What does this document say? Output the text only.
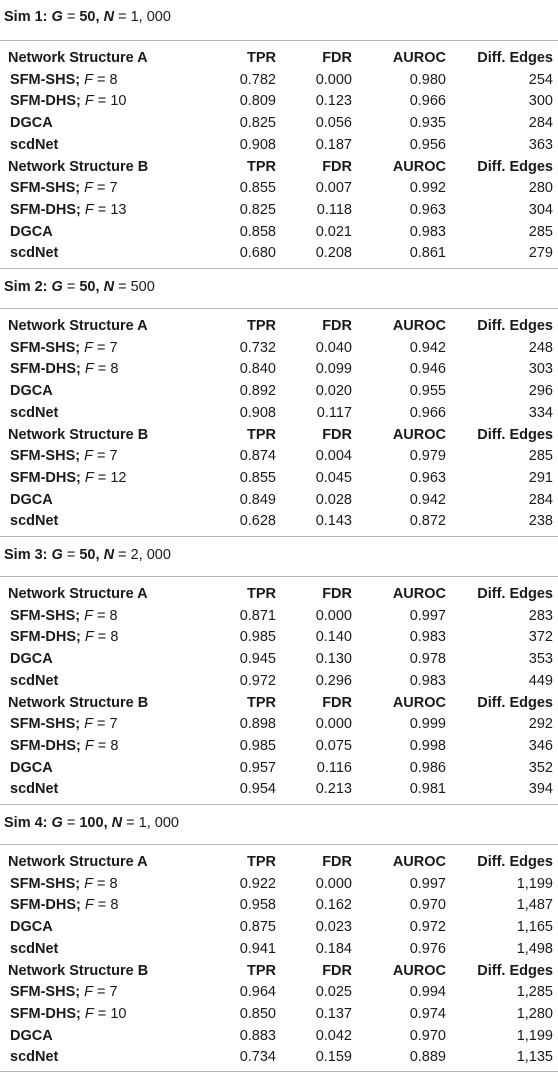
Sim 1: G = 50, N = 1, 000
Network Structure A	TPR	FDR	AUROC	Diff. Edges
SFM-SHS; F = 8	0.782	0.000	0.980	254
SFM-DHS; F = 10	0.809	0.123	0.966	300
DGCA	0.825	0.056	0.935	284
scdNet	0.908	0.187	0.956	363
Network Structure B	TPR	FDR	AUROC	Diff. Edges
SFM-SHS; F = 7	0.855	0.007	0.992	280
SFM-DHS; F = 13	0.825	0.118	0.963	304
DGCA	0.858	0.021	0.983	285
scdNet	0.680	0.208	0.861	279
Sim 2: G = 50, N = 500
Network Structure A	TPR	FDR	AUROC	Diff. Edges
SFM-SHS; F = 7	0.732	0.040	0.942	248
SFM-DHS; F = 8	0.840	0.099	0.946	303
DGCA	0.892	0.020	0.955	296
scdNet	0.908	0.117	0.966	334
Network Structure B	TPR	FDR	AUROC	Diff. Edges
SFM-SHS; F = 7	0.874	0.004	0.979	285
SFM-DHS; F = 12	0.855	0.045	0.963	291
DGCA	0.849	0.028	0.942	284
scdNet	0.628	0.143	0.872	238
Sim 3: G = 50, N = 2, 000
Network Structure A	TPR	FDR	AUROC	Diff. Edges
SFM-SHS; F = 8	0.871	0.000	0.997	283
SFM-DHS; F = 8	0.985	0.140	0.983	372
DGCA	0.945	0.130	0.978	353
scdNet	0.972	0.296	0.983	449
Network Structure B	TPR	FDR	AUROC	Diff. Edges
SFM-SHS; F = 7	0.898	0.000	0.999	292
SFM-DHS; F = 8	0.985	0.075	0.998	346
DGCA	0.957	0.116	0.986	352
scdNet	0.954	0.213	0.981	394
Sim 4: G = 100, N = 1, 000
Network Structure A	TPR	FDR	AUROC	Diff. Edges
SFM-SHS; F = 8	0.922	0.000	0.997	1,199
SFM-DHS; F = 8	0.958	0.162	0.970	1,487
DGCA	0.875	0.023	0.972	1,165
scdNet	0.941	0.184	0.976	1,498
Network Structure B	TPR	FDR	AUROC	Diff. Edges
SFM-SHS; F = 7	0.964	0.025	0.994	1,285
SFM-DHS; F = 10	0.850	0.137	0.974	1,280
DGCA	0.883	0.042	0.970	1,199
scdNet	0.734	0.159	0.889	1,135
